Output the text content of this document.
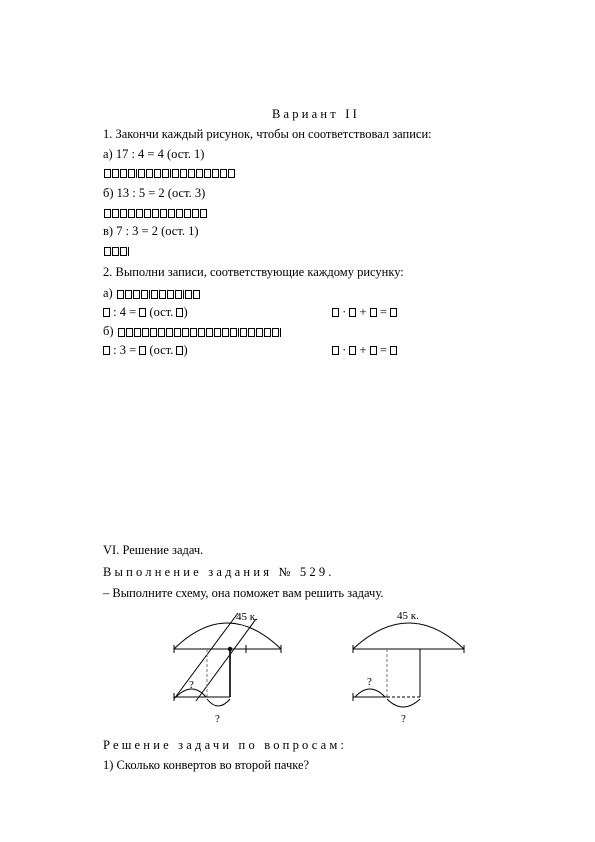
Вариант II
1. Закончи каждый рисунок, чтобы он соответствовал записи:
а) 17 : 4 = 4 (ост. 1)
б) 13 : 5 = 2 (ост. 3)
в) 7 : 3 = 2 (ост. 1)
2. Выполни записи, соответствующие каждому рисунку:
а)
: 4 = (ост. )	· + =
б)
: 3 = (ост. )	· + =
VI. Решение задач.
Выполнение задания № 529.
– Выполните схему, она поможет вам решить задачу.
45 к.
?
?
45 к.
?
?
Решение задачи по вопросам:
1) Сколько конвертов во второй пачке?
